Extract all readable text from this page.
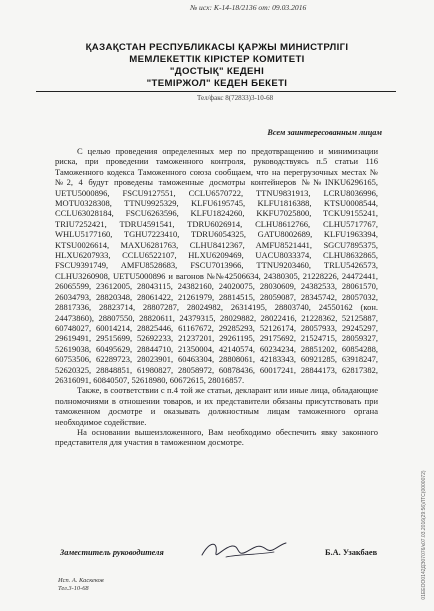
№ исх: К-14-18/2136 от: 09.03.2016
ҚАЗАҚСТАН РЕСПУБЛИКАСЫ ҚАРЖЫ МИНИСТРЛІГІ
МЕМЛЕКЕТТІК КІРІСТЕР КОМИТЕТІ
"ДОСТЫҚ" КЕДЕНІ
"ТЕМІРЖОЛ" КЕДЕН БЕКЕТІ
Тел/факс 8(72833)3-10-68
Всем заинтересованным лицам

С целью проведения определенных мер по предотвращению и минимизации риска, при проведении таможенного контроля, руководствуясь п.5 статьи 116 Таможенного кодекса Таможенного союза сообщаем, что на перегрузочных местах №№2, 4 будут проведены таможенные досмотры контейнеров №№INKU6296165, UETU5000896, FSCU9127551, CCLU6570722, TTNU9831913, LCRU8036996, MOTU0328308, TTNU9925329, KLFU6195745, KLFU1816388, KTSU0008544, CCLU63028184, FSCU6263596, KLFU1824260, KKFU7025800, TCKU9155241, TRIU7252421, TDRU4591541, TDRU6026914, CLHU8612766, CLHU5717767, WHLU5177160, TGHU7223410, TDRU6054325, GATU8002689, KLFU1963394, KTSU0026614, MAXU6281763, CLHU8412367, AMFU8521441, SGCU7895375, HLXU6207933, CCLU6522107, HLXU6209469, UACU8033374, CLHU8632865, FSCU9391749, AMFU8528683, FSCU7013966, TTNU9203460, TRLU5426573, CLHU3260908, UETU5000896 и вагонов №№42506634, 24380305, 21228226, 24472441, 26065599, 23612005, 28043115, 24382160, 24020075, 28030609, 24382533, 28061570, 26034793, 28820348, 28061422, 21261979, 28814515, 28059087, 28345742, 28057032, 28817336, 28823714, 28807287, 28024982, 26314195, 28803740, 24550162 (кон. 24473860), 28807550, 28820611, 24379315, 28029882, 28022416, 21228362, 52125887, 60748027, 60014214, 28825446, 61167672, 29285293, 52126174, 28057933, 29245297, 29619491, 29515699, 52692233, 21237201, 29261195, 29175692, 21524715, 28059327, 52619038, 60495629, 28844710, 21350004, 42140574, 60234234, 28851202, 60854288, 60753506, 62289723, 28023901, 60463304, 28808061, 42183343, 60921285, 63918247, 52620325, 28848851, 61980827, 28058972, 60878436, 60017241, 28844173, 62817382, 26316091, 60840507, 52618980, 60672615, 28016857.

Также, в соответствии с п.4 той же статьи, декларант или иные лица, обладающие полномочиями в отношении товаров, и их представители обязаны присутствовать при таможенном досмотре и оказывать должностным лицам таможенного органа необходимое содействие.

На основании вышеизложенного, Вам необходимо обеспечить явку законного представителя для участия в таможенном досмотре.

Заместитель руководителя	Б.А. Узакбаев
Исп. А. Каскеков
Тел.3-10-68	01ЕЕОО0142ДЭ07076/к07.03.2016(29:56)ЛТС(0000072)
